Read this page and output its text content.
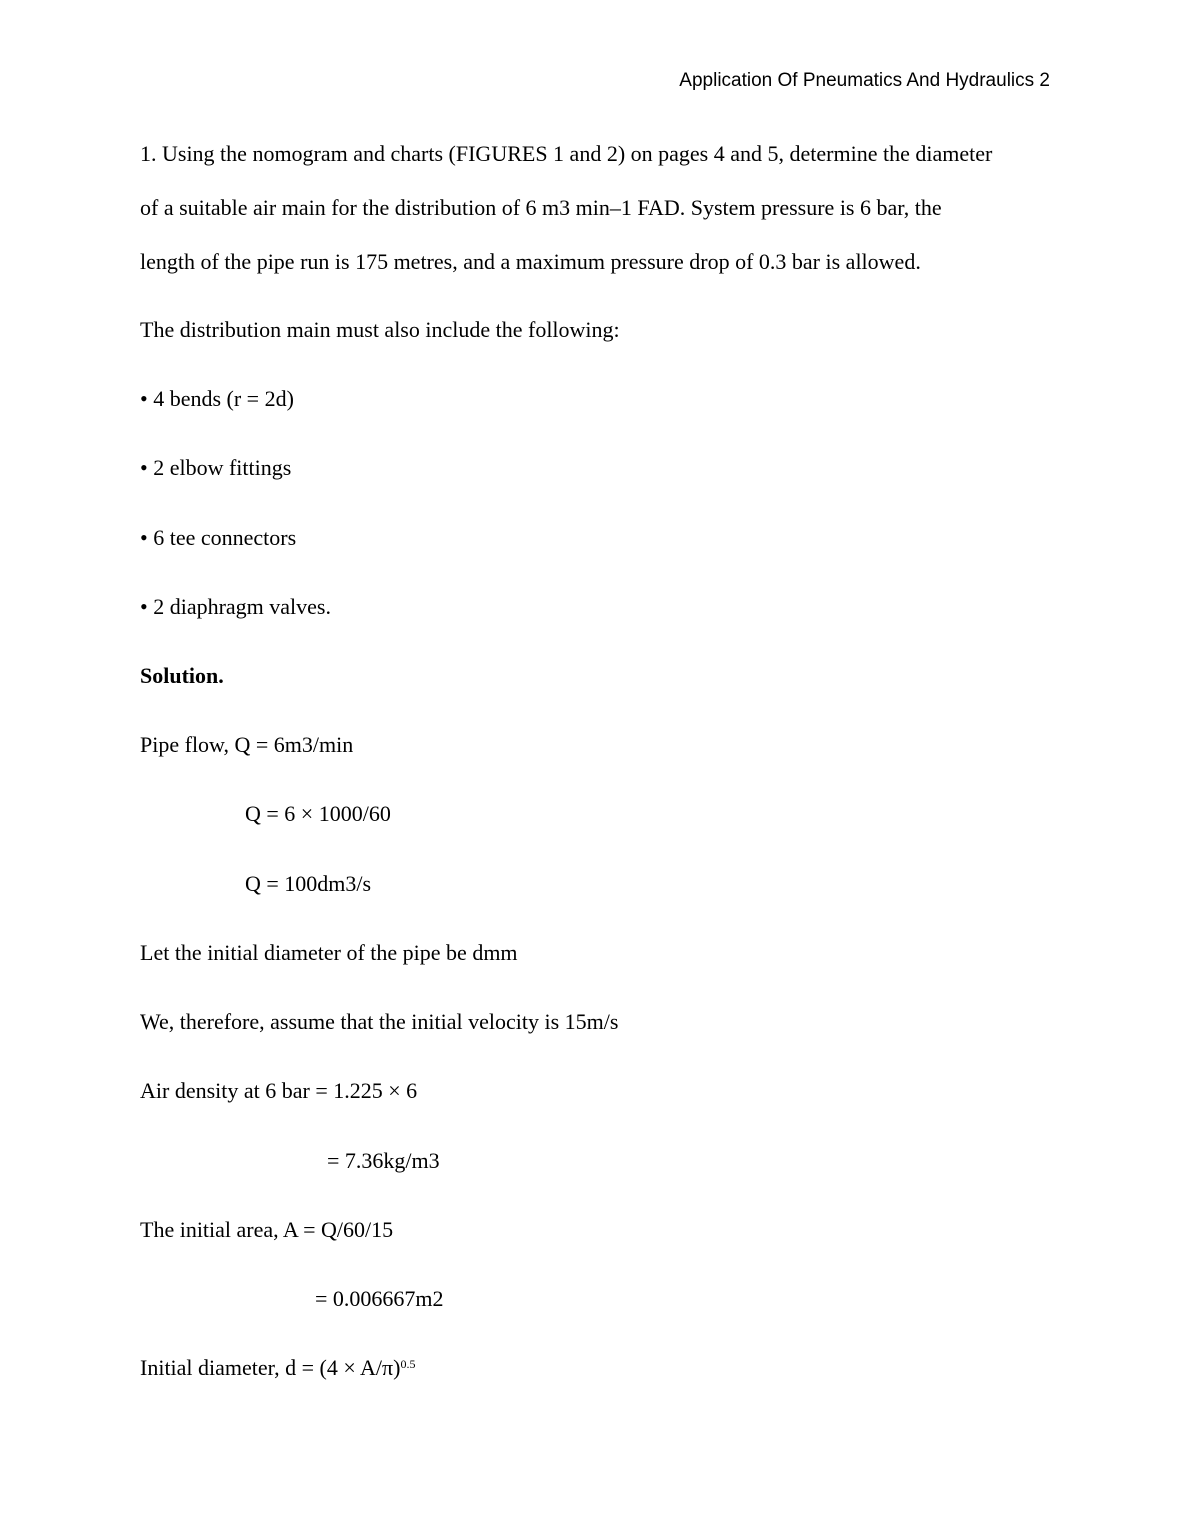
Application Of Pneumatics And Hydraulics 2
1. Using the nomogram and charts (FIGURES 1 and 2) on pages 4 and 5, determine the diameter
of a suitable air main for the distribution of 6 m3 min–1 FAD. System pressure is 6 bar, the
length of the pipe run is 175 metres, and a maximum pressure drop of 0.3 bar is allowed.
The distribution main must also include the following:
• 4 bends (r = 2d)
• 2 elbow fittings
• 6 tee connectors
• 2 diaphragm valves.
Solution.
Pipe flow, Q = 6m3/min
Q = 6 × 1000/60
Q = 100dm3/s
Let the initial diameter of the pipe be dmm
We, therefore, assume that the initial velocity is 15m/s
Air density at 6 bar = 1.225 × 6
= 7.36kg/m3
The initial area, A = Q/60/15
= 0.006667m2
Initial diameter, $d = (4 \times A/\pi)^{0.5}$
